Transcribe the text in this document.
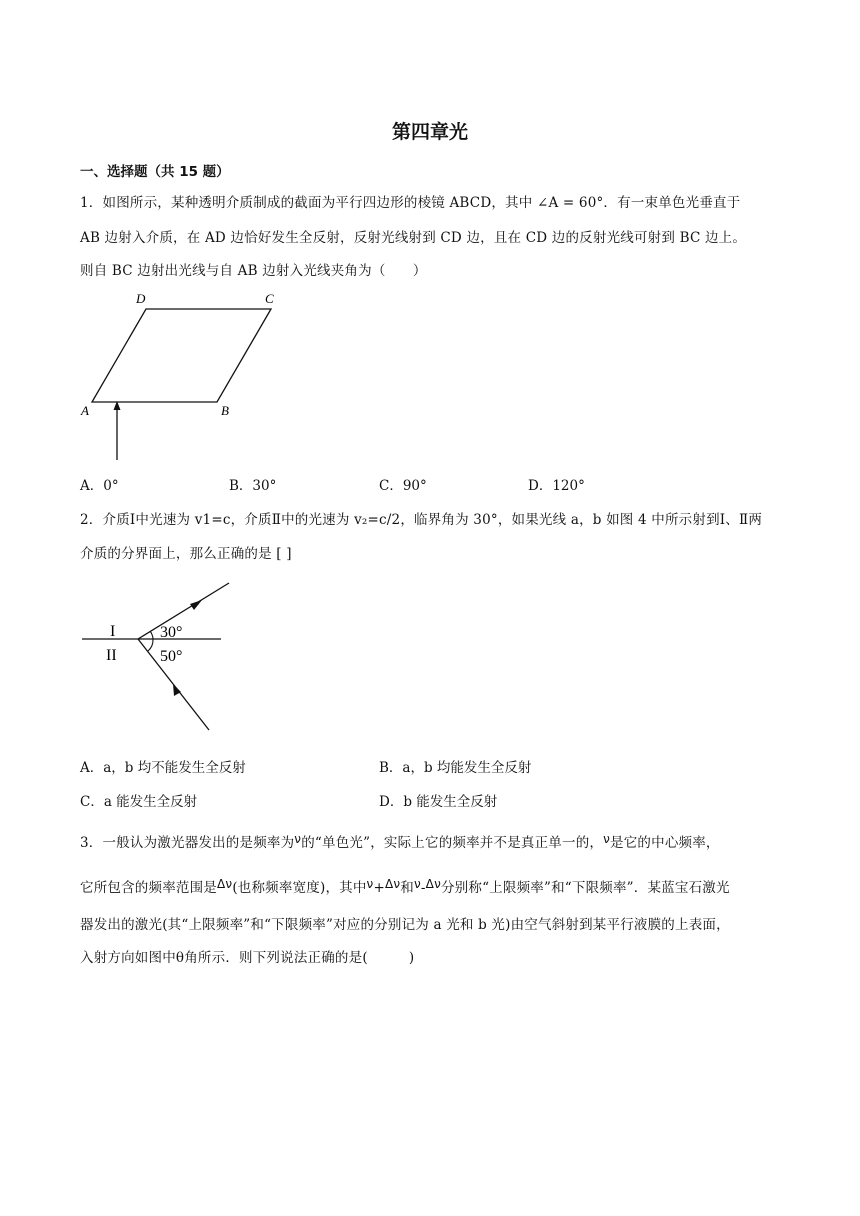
第四章光
一、选择题（共 15 题）
1．如图所示，某种透明介质制成的截面为平行四边形的棱镜 ABCD，其中 ∠A = 60°．有一束单色光垂直于
AB 边射入介质，在 AD 边恰好发生全反射，反射光线射到 CD 边，且在 CD 边的反射光线可射到 BC 边上。
则自 BC 边射出光线与自 AB 边射入光线夹角为（　　）
D	C
A	B
A．0°	B．30°	C．90°	D．120°
2．介质Ⅰ中光速为 v1=c，介质Ⅱ中的光速为 v₂=c/2，临界角为 30°，如果光线 a，b 如图 4 中所示射到Ⅰ、Ⅱ两
介质的分界面上，那么正确的是 [ ]
I
II
30°
50°
A．a，b 均不能发生全反射	B．a，b 均能发生全反射
C．a 能发生全反射	D．b 能发生全反射
3．一般认为激光器发出的是频率为ν的“单色光”，实际上它的频率并不是真正单一的，ν是它的中心频率，
它所包含的频率范围是Δν(也称频率宽度)，其中ν+Δν和ν-Δν分别称“上限频率”和“下限频率”．某蓝宝石激光
器发出的激光(其“上限频率”和“下限频率”对应的分别记为 a 光和 b 光)由空气斜射到某平行液膜的上表面，
入射方向如图中θ角所示．则下列说法正确的是(　　　)
